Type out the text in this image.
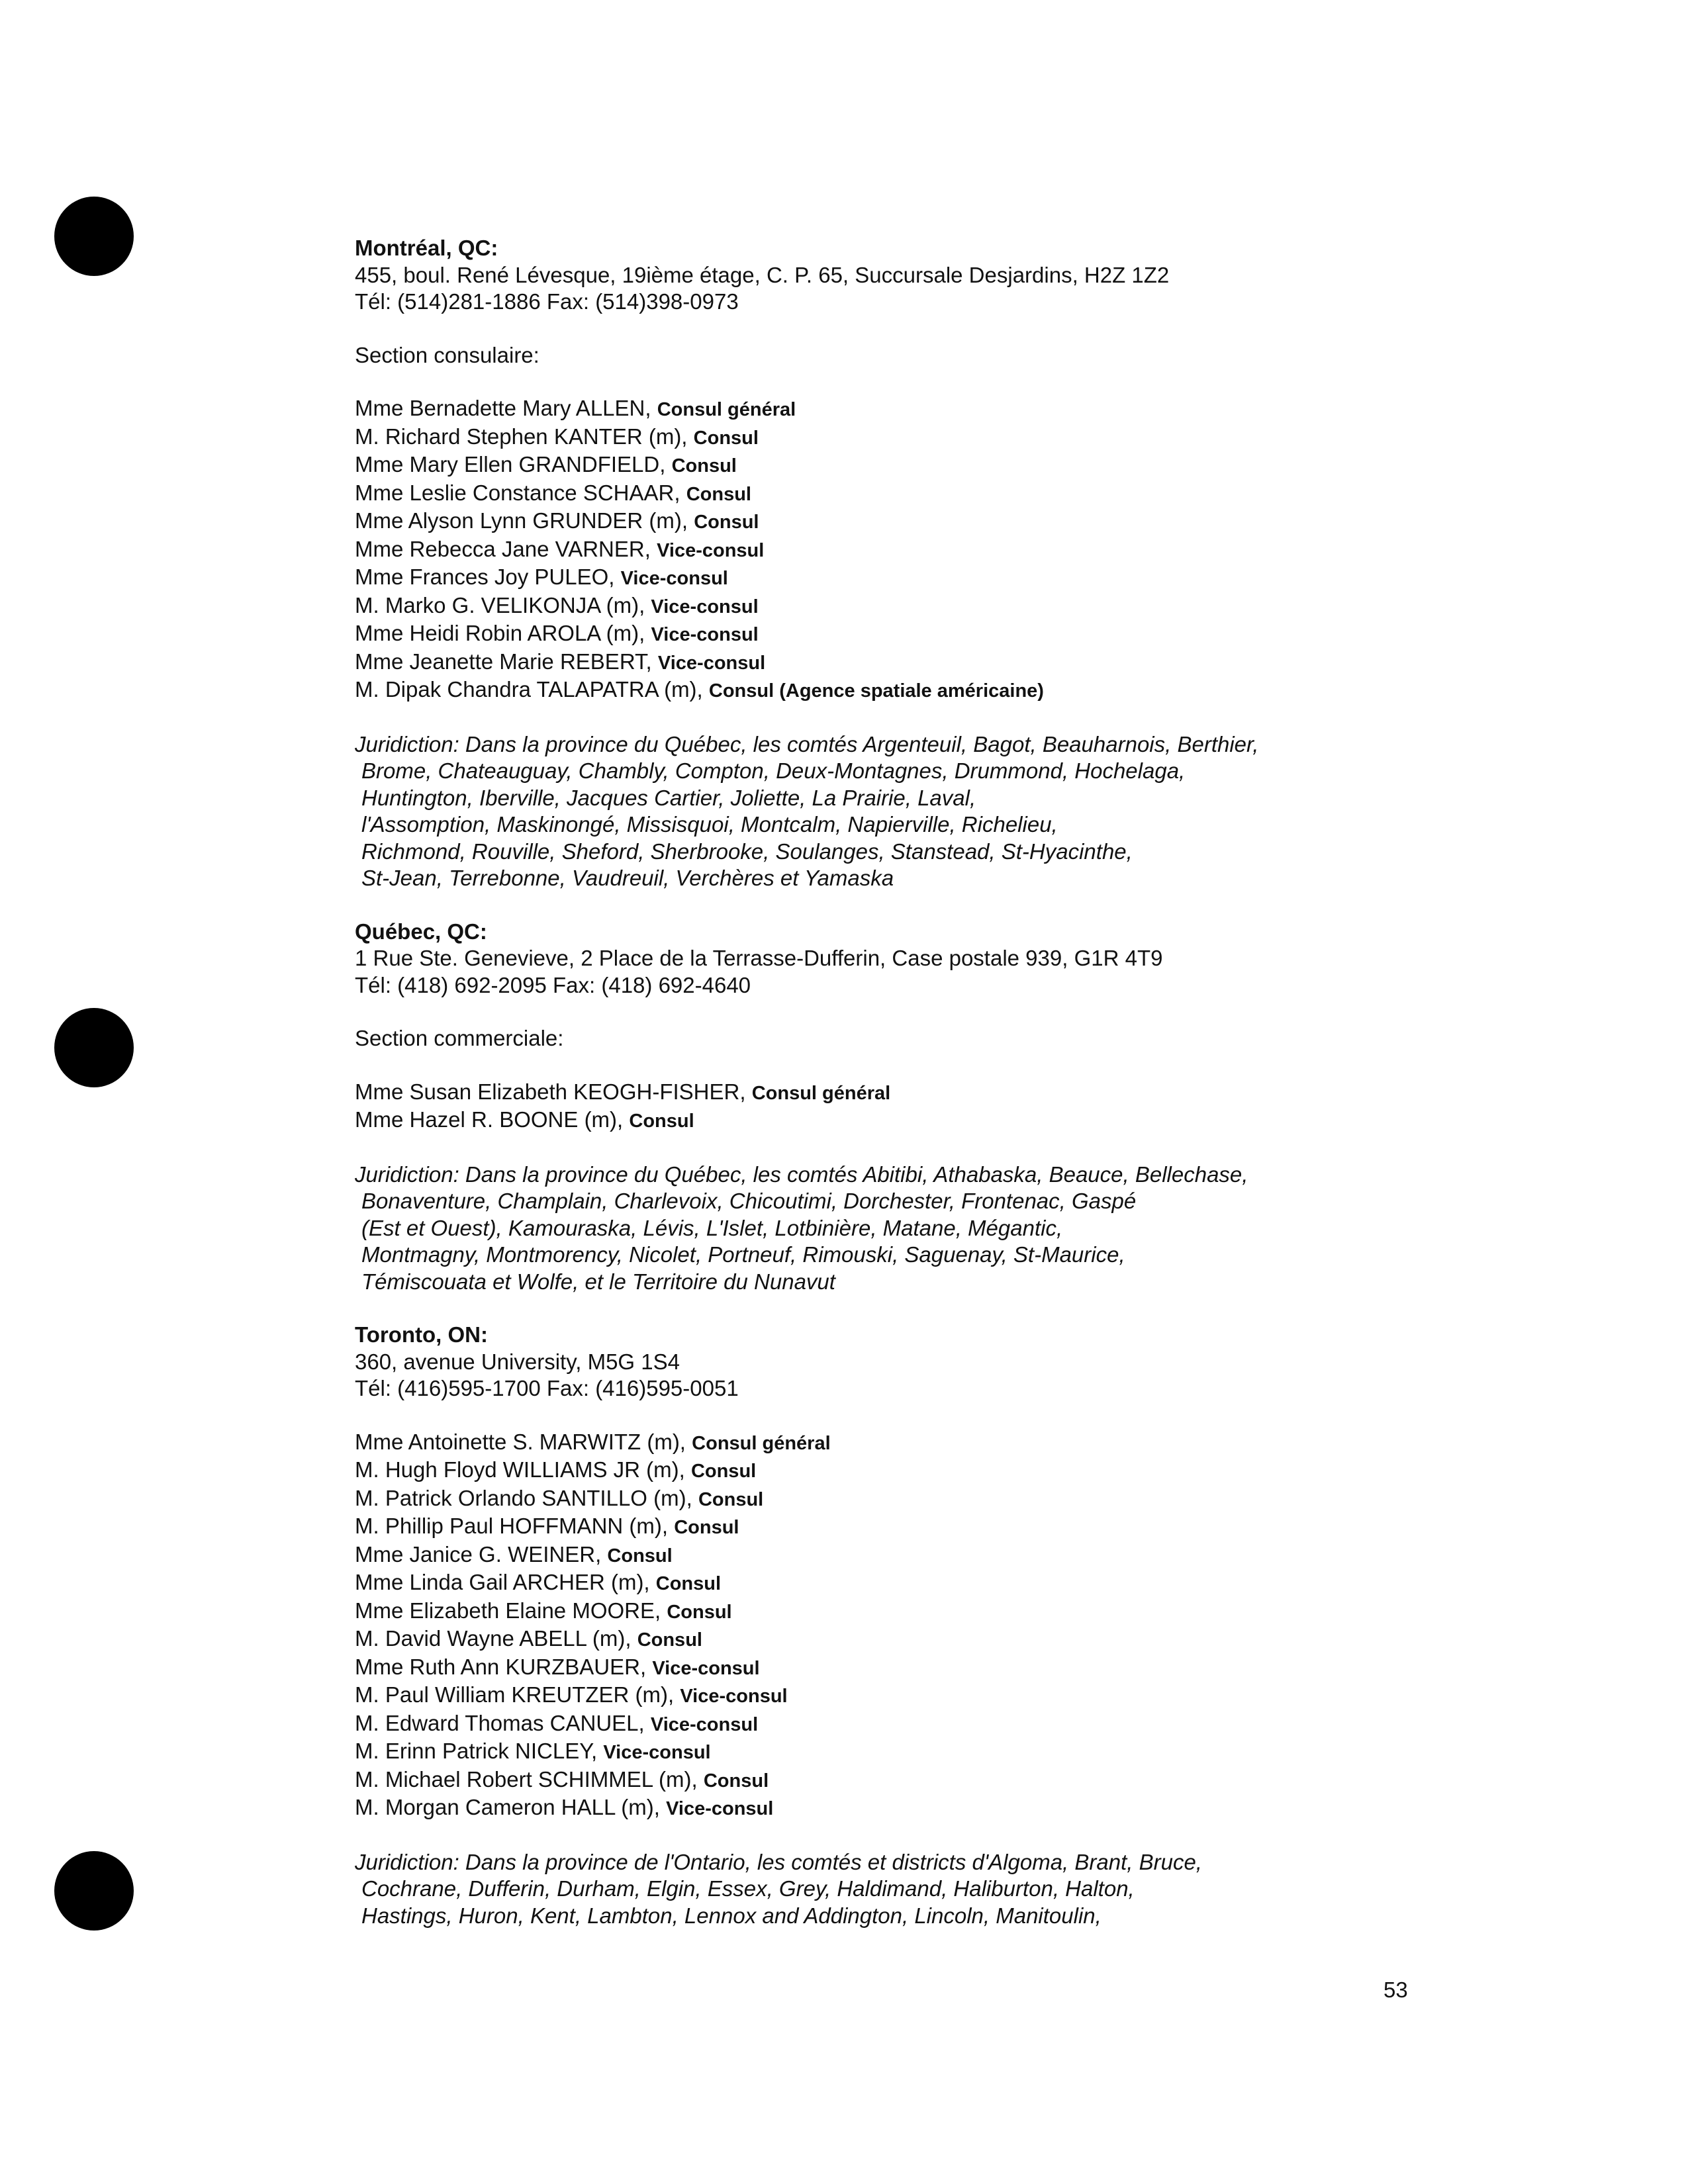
Montréal, QC:
455, boul. René Lévesque, 19ième étage, C. P. 65, Succursale Desjardins, H2Z 1Z2
Tél: (514)281-1886 Fax: (514)398-0973
Section consulaire:
Mme Bernadette Mary ALLEN, Consul général
M. Richard Stephen KANTER (m), Consul
Mme Mary Ellen GRANDFIELD, Consul
Mme Leslie Constance SCHAAR, Consul
Mme Alyson Lynn GRUNDER (m), Consul
Mme Rebecca Jane VARNER, Vice-consul
Mme Frances Joy PULEO, Vice-consul
M. Marko G. VELIKONJA (m), Vice-consul
Mme Heidi Robin AROLA (m), Vice-consul
Mme Jeanette Marie REBERT, Vice-consul
M. Dipak Chandra TALAPATRA (m), Consul (Agence spatiale américaine)
Juridiction: Dans la province du Québec, les comtés Argenteuil, Bagot, Beauharnois, Berthier,
Brome, Chateauguay, Chambly, Compton, Deux-Montagnes, Drummond, Hochelaga,
Huntington, Iberville, Jacques Cartier, Joliette, La Prairie, Laval,
l'Assomption, Maskinongé, Missisquoi, Montcalm, Napierville, Richelieu,
Richmond, Rouville, Sheford, Sherbrooke, Soulanges, Stanstead, St-Hyacinthe,
St-Jean, Terrebonne, Vaudreuil, Verchères et Yamaska
Québec, QC:
1 Rue Ste. Genevieve, 2 Place de la Terrasse-Dufferin, Case postale 939, G1R 4T9
Tél: (418) 692-2095 Fax: (418) 692-4640
Section commerciale:
Mme Susan Elizabeth KEOGH-FISHER, Consul général
Mme Hazel R. BOONE (m), Consul
Juridiction: Dans la province du Québec, les comtés Abitibi, Athabaska, Beauce, Bellechase,
Bonaventure, Champlain, Charlevoix, Chicoutimi, Dorchester, Frontenac, Gaspé
(Est et Ouest), Kamouraska, Lévis, L'Islet, Lotbinière, Matane, Mégantic,
Montmagny, Montmorency, Nicolet, Portneuf, Rimouski, Saguenay, St-Maurice,
Témiscouata et Wolfe, et le Territoire du Nunavut
Toronto, ON:
360, avenue University, M5G 1S4
Tél: (416)595-1700 Fax: (416)595-0051
Mme Antoinette S. MARWITZ (m), Consul général
M. Hugh Floyd WILLIAMS JR (m), Consul
M. Patrick Orlando SANTILLO (m), Consul
M. Phillip Paul HOFFMANN (m), Consul
Mme Janice G. WEINER, Consul
Mme Linda Gail ARCHER (m), Consul
Mme Elizabeth Elaine MOORE, Consul
M. David Wayne ABELL (m), Consul
Mme Ruth Ann KURZBAUER, Vice-consul
M. Paul William KREUTZER (m), Vice-consul
M. Edward Thomas CANUEL, Vice-consul
M. Erinn Patrick NICLEY, Vice-consul
M. Michael Robert SCHIMMEL (m), Consul
M. Morgan Cameron HALL (m), Vice-consul
Juridiction: Dans la province de l'Ontario, les comtés et districts d'Algoma, Brant, Bruce,
Cochrane, Dufferin, Durham, Elgin, Essex, Grey, Haldimand, Haliburton, Halton,
Hastings, Huron, Kent, Lambton, Lennox and Addington, Lincoln, Manitoulin,
53
